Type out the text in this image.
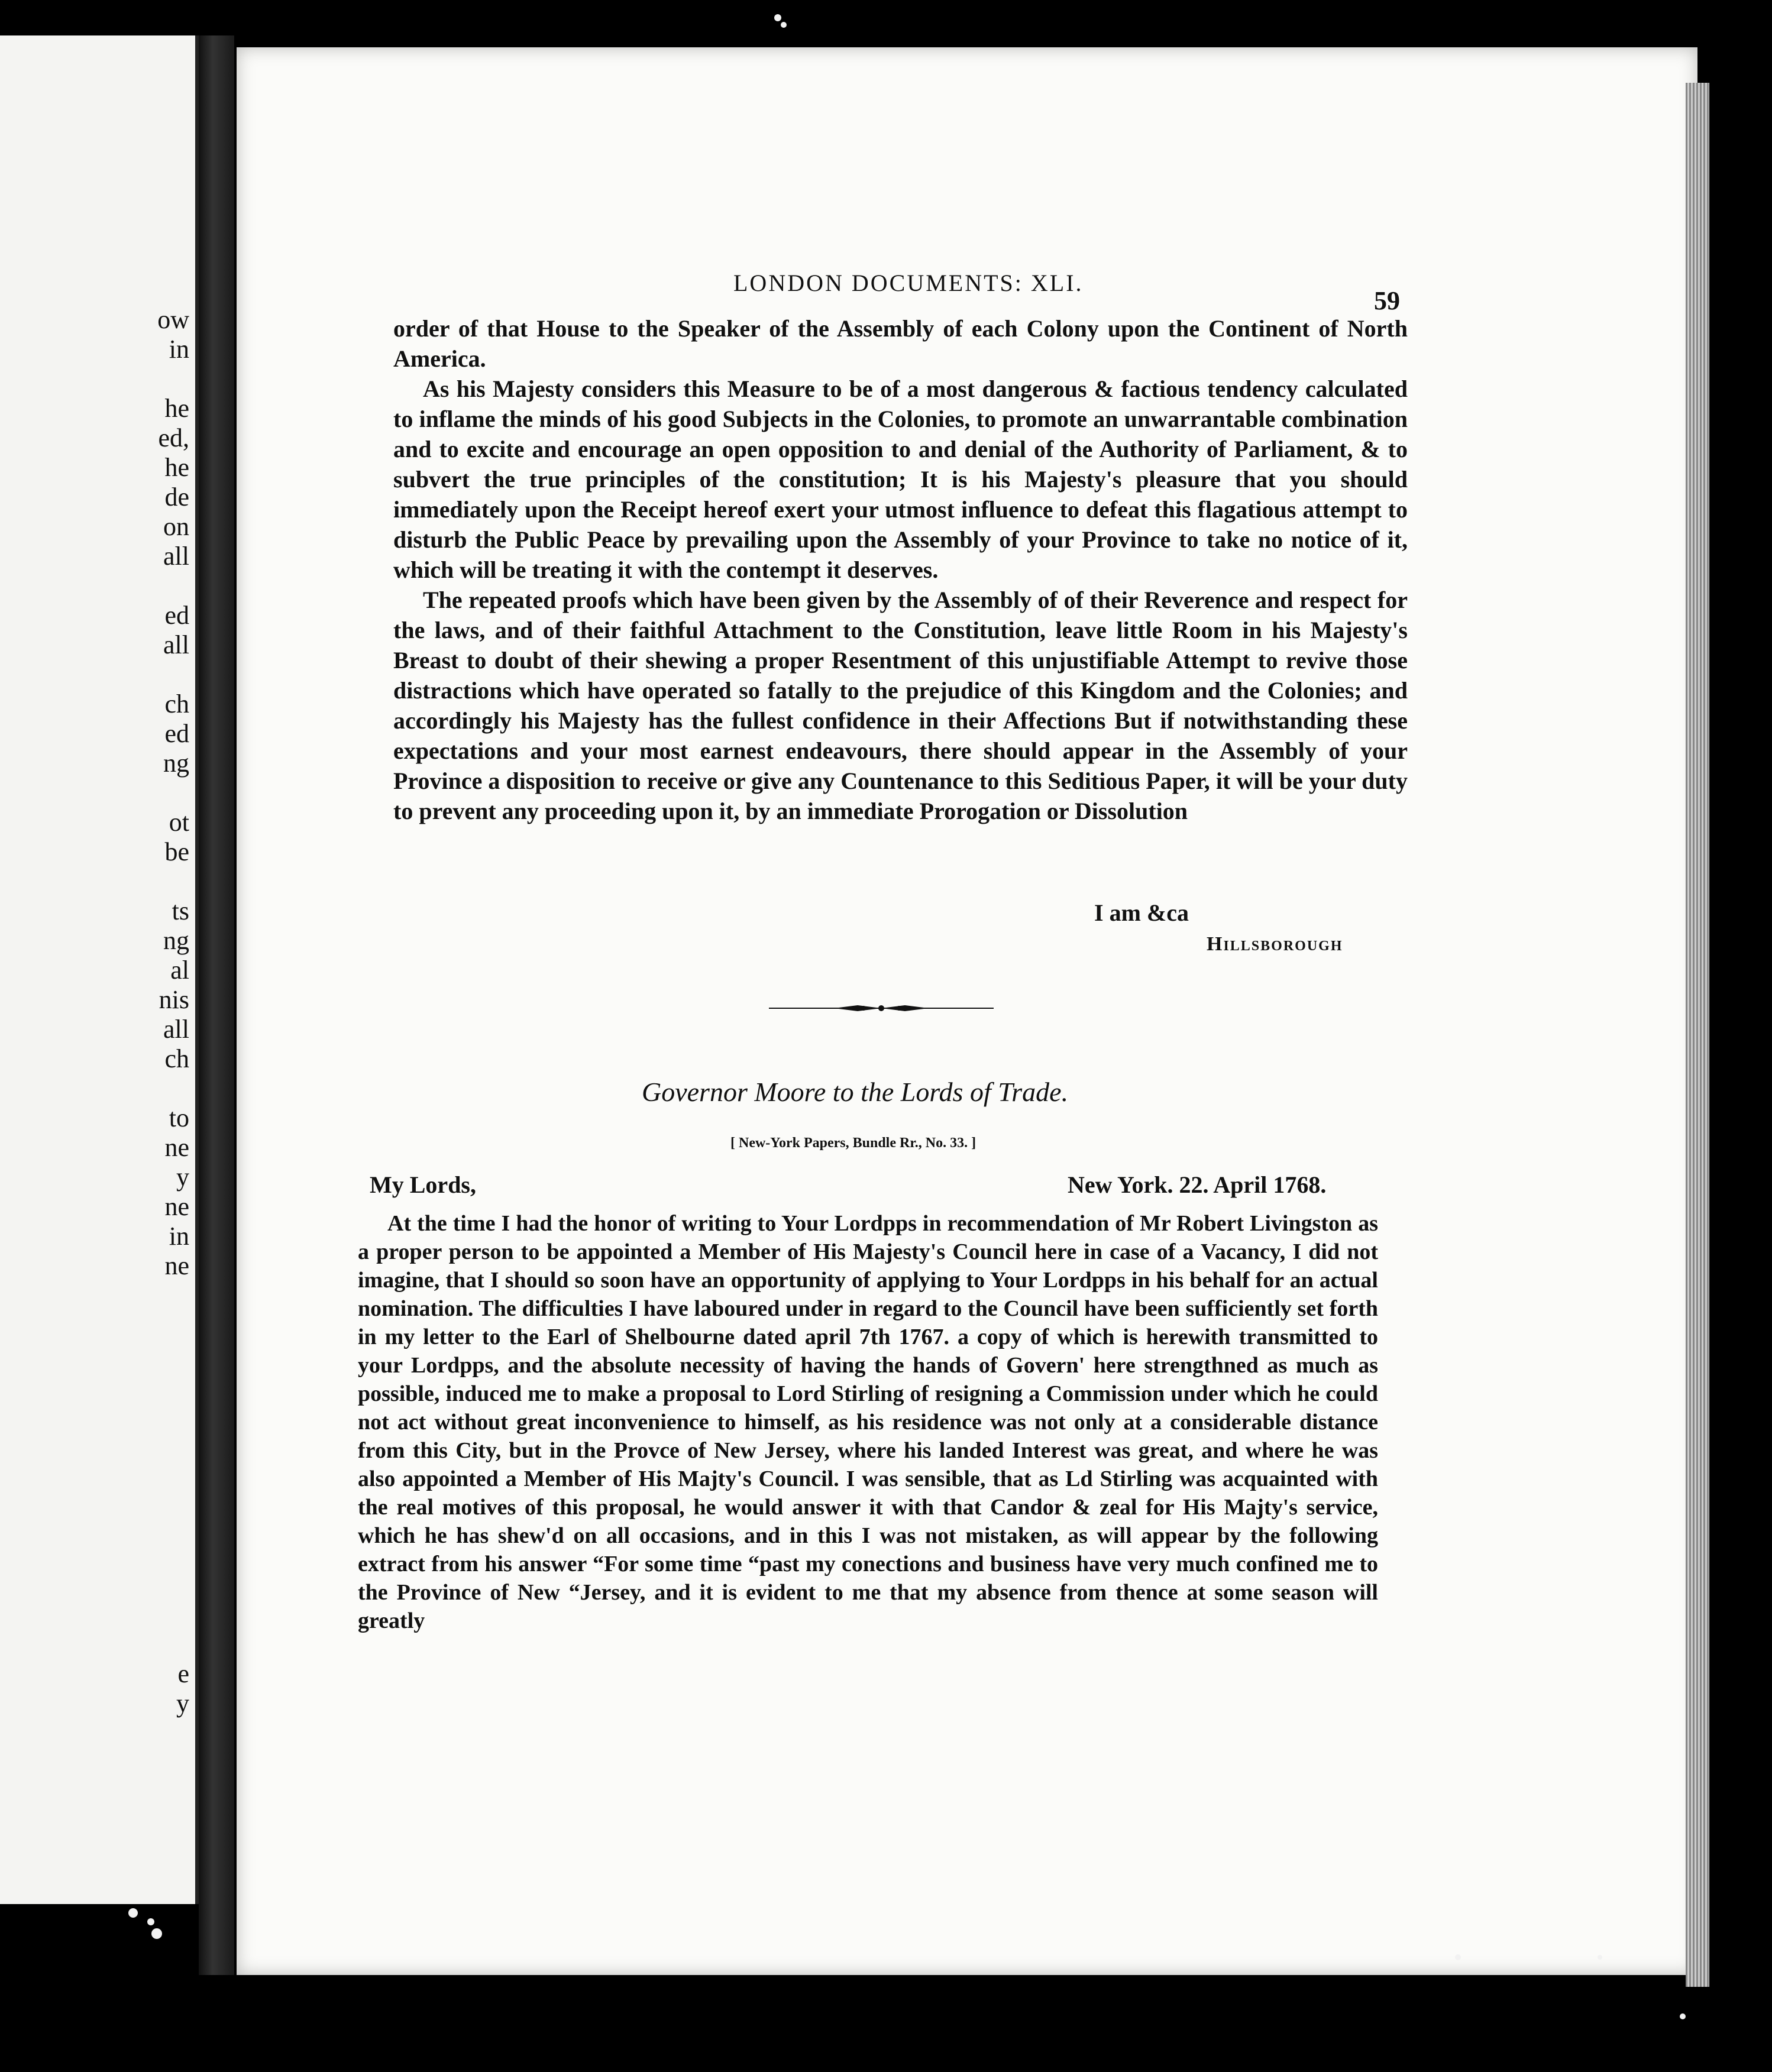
ow
in
he
ed,
he
de
on
all
ed
all
ch
ed
ng
ot
be
ts
ng
al
nis
all
ch
to
ne
y
ne
in
ne
e
y
LONDON DOCUMENTS: XLI.
59

order of that House to the Speaker of the Assembly of each Colony upon the Continent of North America.

As his Majesty considers this Measure to be of a most dangerous & factious tendency calculated to inflame the minds of his good Subjects in the Colonies, to promote an unwarrantable combination and to excite and encourage an open opposition to and denial of the Authority of Parliament, & to subvert the true principles of the constitution; It is his Majesty's pleasure that you should immediately upon the Receipt hereof exert your utmost influence to defeat this flagatious attempt to disturb the Public Peace by prevailing upon the Assembly of your Province to take no notice of it, which will be treating it with the contempt it deserves.

The repeated proofs which have been given by the Assembly of of their Reverence and respect for the laws, and of their faithful Attachment to the Constitution, leave little Room in his Majesty's Breast to doubt of their shewing a proper Resentment of this unjustifiable Attempt to revive those distractions which have operated so fatally to the prejudice of this Kingdom and the Colonies; and accordingly his Majesty has the fullest confidence in their Affections But if notwithstanding these expectations and your most earnest endeavours, there should appear in the Assembly of your Province a disposition to receive or give any Countenance to this Seditious Paper, it will be your duty to prevent any proceeding upon it, by an immediate Prorogation or Dissolution

I am &ca
Hillsborough
Governor Moore to the Lords of Trade.
[ New-York Papers, Bundle Rr., No. 33. ]
My Lords,	New York. 22. April 1768.

At the time I had the honor of writing to Your Lordpps in recommendation of Mr Robert Livingston as a proper person to be appointed a Member of His Majesty's Council here in case of a Vacancy, I did not imagine, that I should so soon have an opportunity of applying to Your Lordpps in his behalf for an actual nomination. The difficulties I have laboured under in regard to the Council have been sufficiently set forth in my letter to the Earl of Shelbourne dated april 7th 1767. a copy of which is herewith transmitted to your Lordpps, and the absolute necessity of having the hands of Govern' here strengthned as much as possible, induced me to make a proposal to Lord Stirling of resigning a Commission under which he could not act without great inconvenience to himself, as his residence was not only at a considerable distance from this City, but in the Provce of New Jersey, where his landed Interest was great, and where he was also appointed a Member of His Majty's Council. I was sensible, that as Ld Stirling was acquainted with the real motives of this proposal, he would answer it with that Candor & zeal for His Majty's service, which he has shew'd on all occasions, and in this I was not mistaken, as will appear by the following extract from his answer “For some time “past my conections and business have very much confined me to the Province of New “Jersey, and it is evident to me that my absence from thence at some season will greatly
